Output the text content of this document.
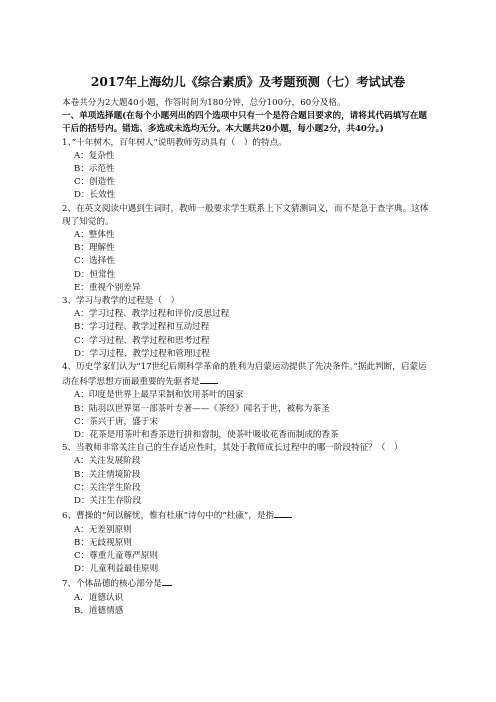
2017年上海幼儿《综合素质》及考题预测（七）考试试卷

本卷共分为2大题40小题，作答时间为180分钟，总分100分，60分及格。

一、单项选择题(在每个小题列出的四个选项中只有一个是符合题目要求的，请将其代码填写在题干后的括号内。错选、多选或未选均无分。本大题共20小题，每小题2分，共40分。)

1、”十年树木，百年树人”说明教师劳动具有（　）的特点。

A：复杂性

B：示范性

C：创造性

D：长效性

2、在英文阅读中遇到生词时，教师一般要求学生联系上下文猜测词义，而不是急于查字典。这体现了知觉的。

A：整体性

B：理解性

C：选择性

D：恒常性

E：重视个别差异

3、学习与教学的过程是（　）

A：学习过程、教学过程和评价/反思过程

B：学习过程、教学过程和互动过程

C：学习过程、教学过程和思考过程

D：学习过程、教学过程和管理过程

4、历史学家们认为“17世纪后期科学革命的胜利为启蒙运动提供了先决条件。”据此判断，启蒙运动在科学思想方面最重要的先驱者是

A：印度是世界上最早采制和饮用茶叶的国家

B：陆羽以世界第一部茶叶专著——《茶经》闻名于世，被称为茶圣

C：茶兴于唐，盛于宋

D：花茶是用茶叶和香茶进行拼和窨制，使茶叶吸收花香而制成的香茶

5、当教师非常关注自己的生存适应性时，其处于教师成长过程中的哪一阶段特征？（　）

A：关注发展阶段

B：关注情境阶段

C：关注学生阶段

D：关注生存阶段

6、曹操的“何以解忧，惟有杜康”诗句中的“杜康”，是指

A：无差别原则

B：无歧视原则

C：尊重儿童尊严原则

D：儿童利益最佳原则

7、个体品德的核心部分是

A．道德认识

B．道德情感
